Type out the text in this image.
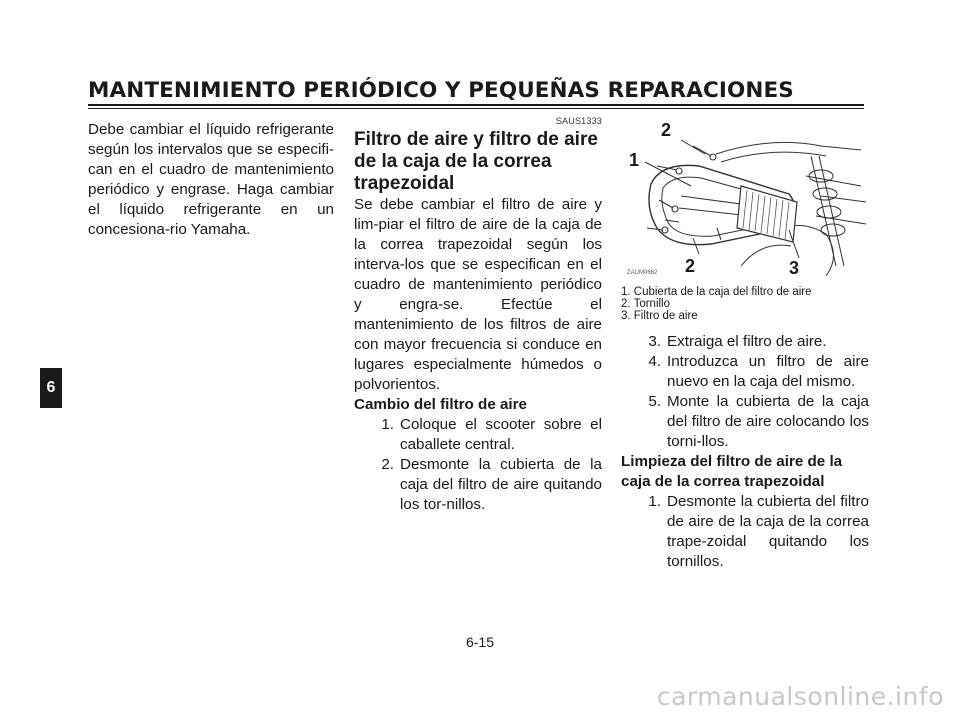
MANTENIMIENTO PERIÓDICO Y PEQUEÑAS REPARACIONES
6
Debe cambiar el líquido refrigerante según los intervalos que se especifi-can en el cuadro de mantenimiento periódico y engrase. Haga cambiar el líquido refrigerante en un concesiona-rio Yamaha.
SAUS1333
Filtro de aire y filtro de aire de la caja de la correa trapezoidal
Se debe cambiar el filtro de aire y lim-piar el filtro de aire de la caja de la correa trapezoidal según los interva-los que se especifican en el cuadro de mantenimiento periódico y engra-se. Efectúe el mantenimiento de los filtros de aire con mayor frecuencia si conduce en lugares especialmente húmedos o polvorientos.
Cambio del filtro de aire
1. Coloque el scooter sobre el caballete central.
2. Desmonte la cubierta de la caja del filtro de aire quitando los tor-nillos.
ZAUM0662
2
1
2	3
1. Cubierta de la caja del filtro de aire
2. Tornillo
3. Filtro de aire
3. Extraiga el filtro de aire.
4. Introduzca un filtro de aire nuevo en la caja del mismo.
5. Monte la cubierta de la caja del filtro de aire colocando los torni-llos.
Limpieza del filtro de aire de la caja de la correa trapezoidal
1. Desmonte la cubierta del filtro de aire de la caja de la correa trape-zoidal quitando los tornillos.
6-15
carmanualsonline.info
